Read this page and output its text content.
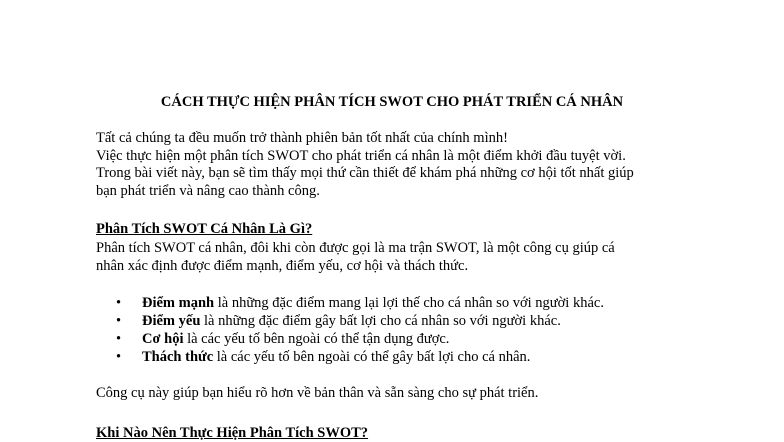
CÁCH THỰC HIỆN PHÂN TÍCH SWOT CHO PHÁT TRIỂN CÁ NHÂN

Tất cả chúng ta đều muốn trở thành phiên bản tốt nhất của chính mình!

Việc thực hiện một phân tích SWOT cho phát triển cá nhân là một điểm khởi đầu tuyệt vời.

Trong bài viết này, bạn sẽ tìm thấy mọi thứ cần thiết để khám phá những cơ hội tốt nhất giúp

bạn phát triển và nâng cao thành công.

Phân Tích SWOT Cá Nhân Là Gì?

Phân tích SWOT cá nhân, đôi khi còn được gọi là ma trận SWOT, là một công cụ giúp cá

nhân xác định được điểm mạnh, điểm yếu, cơ hội và thách thức.

• Điểm mạnh là những đặc điểm mang lại lợi thế cho cá nhân so với người khác.
• Điểm yếu là những đặc điểm gây bất lợi cho cá nhân so với người khác.
• Cơ hội là các yếu tố bên ngoài có thể tận dụng được.
• Thách thức là các yếu tố bên ngoài có thể gây bất lợi cho cá nhân.
Công cụ này giúp bạn hiểu rõ hơn về bản thân và sẵn sàng cho sự phát triển.
Khi Nào Nên Thực Hiện Phân Tích SWOT?
